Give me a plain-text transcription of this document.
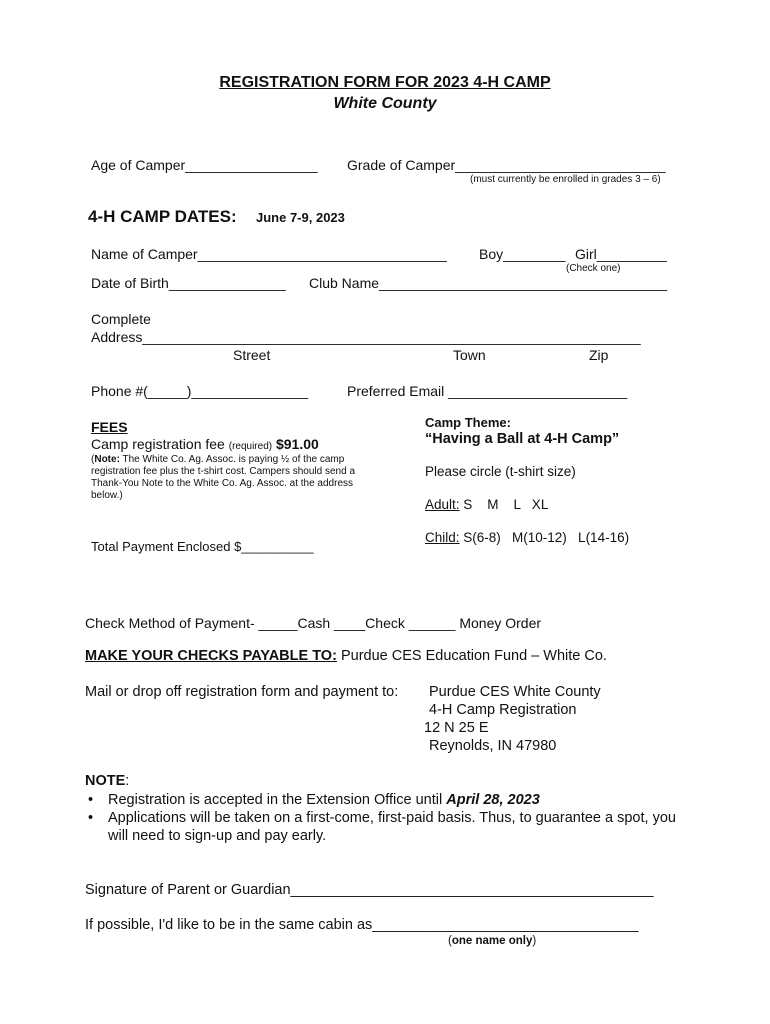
REGISTRATION FORM FOR 2023 4-H CAMP
White County
Age of Camper_________________ Grade of Camper___________________________
(must currently be enrolled in grades 3 – 6)
4-H CAMP DATES: June 7-9, 2023
Name of Camper________________________________ Boy________ Girl_________
(Check one)
Date of Birth_______________ Club Name_____________________________________
Complete
Address________________________________________________________________
Street	Town	Zip
Phone #(_____)_______________	Preferred Email _______________________
FEES
Camp registration fee (required) $91.00
(Note: The White Co. Ag. Assoc. is paying ½ of the camp registration fee plus the t-shirt cost. Campers should send a Thank-You Note to the White Co. Ag. Assoc. at the address below.)
Total Payment Enclosed $__________
Camp Theme:
“Having a Ball at 4-H Camp”
Please circle (t-shirt size)
Adult: S    M    L   XL
Child: S(6-8)   M(10-12)   L(14-16)
Check Method of Payment- _____Cash ____Check ______ Money Order
MAKE YOUR CHECKS PAYABLE TO: Purdue CES Education Fund – White Co.
Mail or drop off registration form and payment to: Purdue CES White County
4-H Camp Registration
12 N 25 E
Reynolds, IN 47980
NOTE:
• Registration is accepted in the Extension Office until April 28, 2023
• Applications will be taken on a first-come, first-paid basis. Thus, to guarantee a spot, you will need to sign-up and pay early.
Signature of Parent or Guardian_____________________________________________
If possible, I'd like to be in the same cabin as_________________________________
(one name only)
